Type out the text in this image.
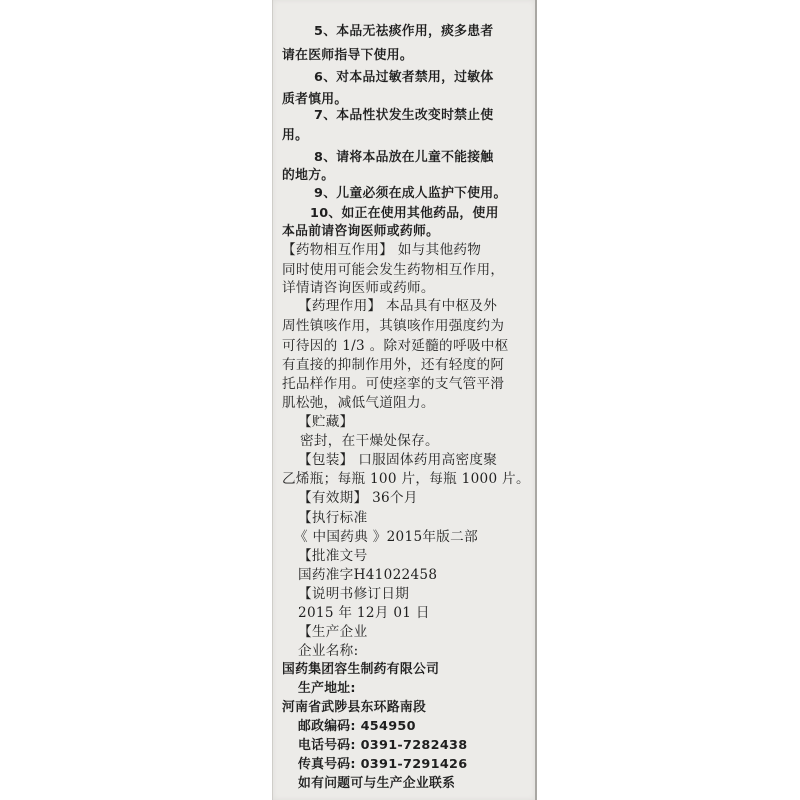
5、本品无祛痰作用，痰多患者
请在医师指导下使用。
6、对本品过敏者禁用，过敏体
质者慎用。
7、本品性状发生改变时禁止使
用。
8、请将本品放在儿童不能接触
的地方。
9、儿童必须在成人监护下使用。
10、如正在使用其他药品，使用
本品前请咨询医师或药师。
【药物相互作用】 如与其他药物
同时使用可能会发生药物相互作用，
详情请咨询医师或药师。
【药理作用】 本品具有中枢及外
周性镇咳作用，其镇咳作用强度约为
可待因的 1/3 。除对延髓的呼吸中枢
有直接的抑制作用外，还有轻度的阿
托品样作用。可使痉挛的支气管平滑
肌松弛，减低气道阻力。
【贮藏】
密封，在干燥处保存。
【包装】 口服固体药用高密度聚
乙烯瓶；每瓶 100 片，每瓶 1000 片。
【有效期】 36个月
【执行标准
《 中国药典 》2015年版二部
【批准文号
国药准字H41022458
【说明书修订日期
2015 年 12月 01 日
【生产企业
企业名称:
国药集团容生制药有限公司
生产地址:
河南省武陟县东环路南段
邮政编码: 454950
电话号码: 0391-7282438
传真号码: 0391-7291426
如有问题可与生产企业联系
